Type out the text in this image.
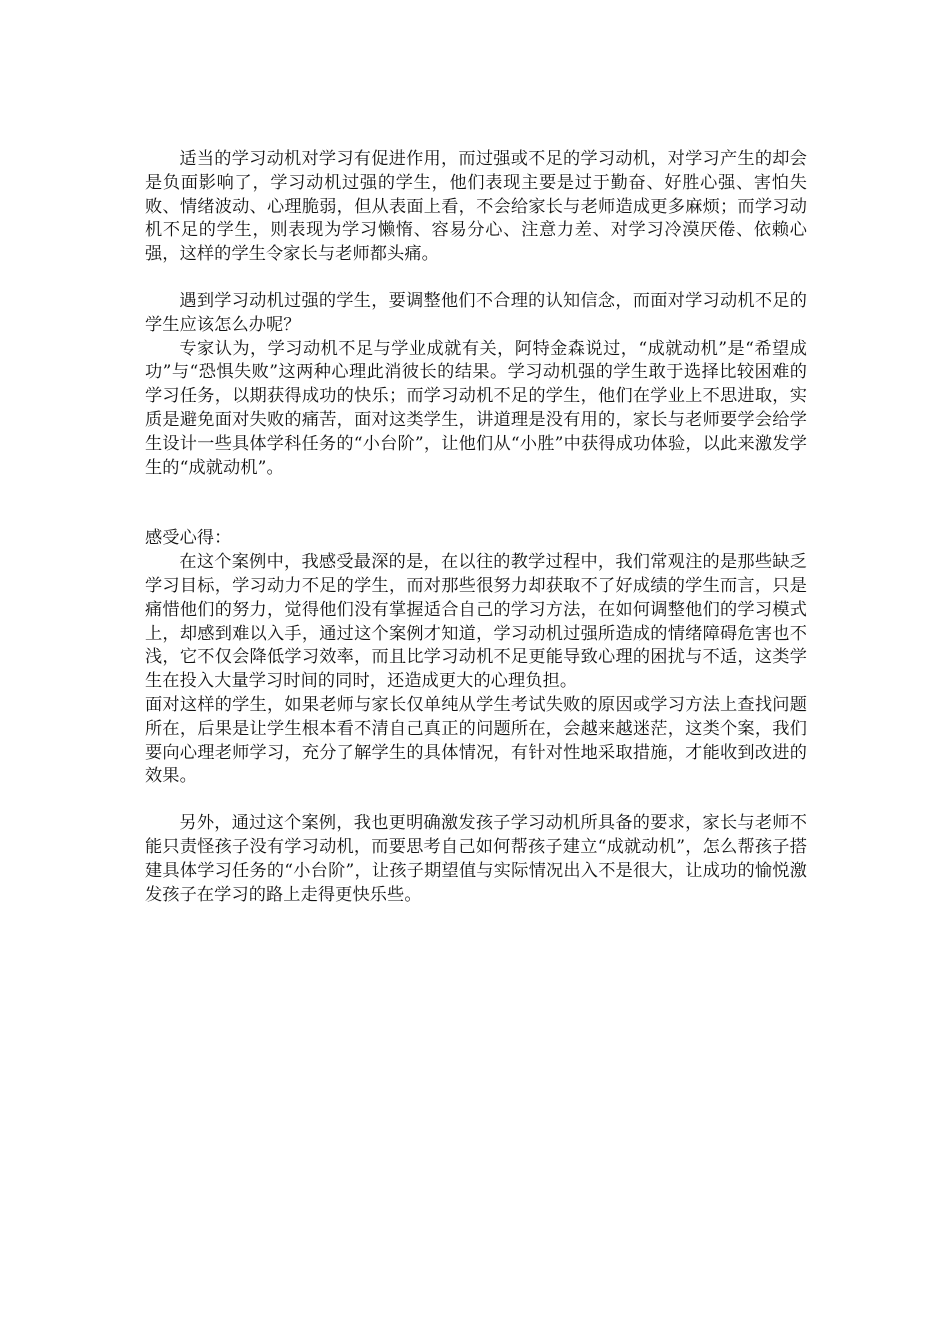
适当的学习动机对学习有促进作用，而过强或不足的学习动机，对学习产生的却会是负面影响了，学习动机过强的学生，他们表现主要是过于勤奋、好胜心强、害怕失败、情绪波动、心理脆弱，但从表面上看，不会给家长与老师造成更多麻烦；而学习动机不足的学生，则表现为学习懒惰、容易分心、注意力差、对学习冷漠厌倦、依赖心强，这样的学生令家长与老师都头痛。

遇到学习动机过强的学生，要调整他们不合理的认知信念，而面对学习动机不足的学生应该怎么办呢？

专家认为，学习动机不足与学业成就有关，阿特金森说过，“成就动机”是“希望成功”与“恐惧失败”这两种心理此消彼长的结果。学习动机强的学生敢于选择比较困难的学习任务，以期获得成功的快乐；而学习动机不足的学生，他们在学业上不思进取，实质是避免面对失败的痛苦，面对这类学生，讲道理是没有用的，家长与老师要学会给学生设计一些具体学科任务的“小台阶”，让他们从“小胜”中获得成功体验，以此来激发学生的“成就动机”。

感受心得：

在这个案例中，我感受最深的是，在以往的教学过程中，我们常观注的是那些缺乏学习目标，学习动力不足的学生，而对那些很努力却获取不了好成绩的学生而言，只是痛惜他们的努力，觉得他们没有掌握适合自己的学习方法，在如何调整他们的学习模式上，却感到难以入手，通过这个案例才知道，学习动机过强所造成的情绪障碍危害也不浅，它不仅会降低学习效率，而且比学习动机不足更能导致心理的困扰与不适，这类学生在投入大量学习时间的同时，还造成更大的心理负担。

面对这样的学生，如果老师与家长仅单纯从学生考试失败的原因或学习方法上查找问题所在，后果是让学生根本看不清自己真正的问题所在，会越来越迷茫，这类个案，我们要向心理老师学习，充分了解学生的具体情况，有针对性地采取措施，才能收到改进的效果。

另外，通过这个案例，我也更明确激发孩子学习动机所具备的要求，家长与老师不能只责怪孩子没有学习动机，而要思考自己如何帮孩子建立“成就动机”，怎么帮孩子搭建具体学习任务的“小台阶”，让孩子期望值与实际情况出入不是很大，让成功的愉悦激发孩子在学习的路上走得更快乐些。
